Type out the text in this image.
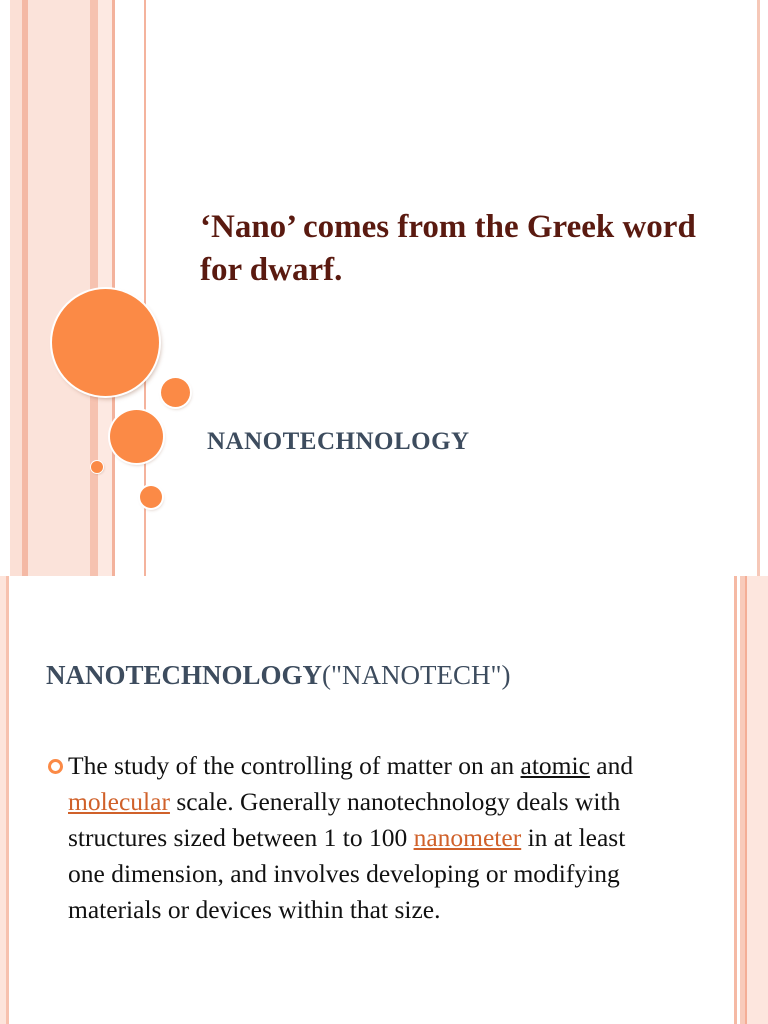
‘Nano’ comes from the Greek word for dwarf.
NANOTECHNOLOGY
NANOTECHNOLOGY("NANOTECH")

The study of the controlling of matter on an atomic and molecular scale. Generally nanotechnology deals with structures sized between 1 to 100 nanometer in at least one dimension, and involves developing or modifying materials or devices within that size.
